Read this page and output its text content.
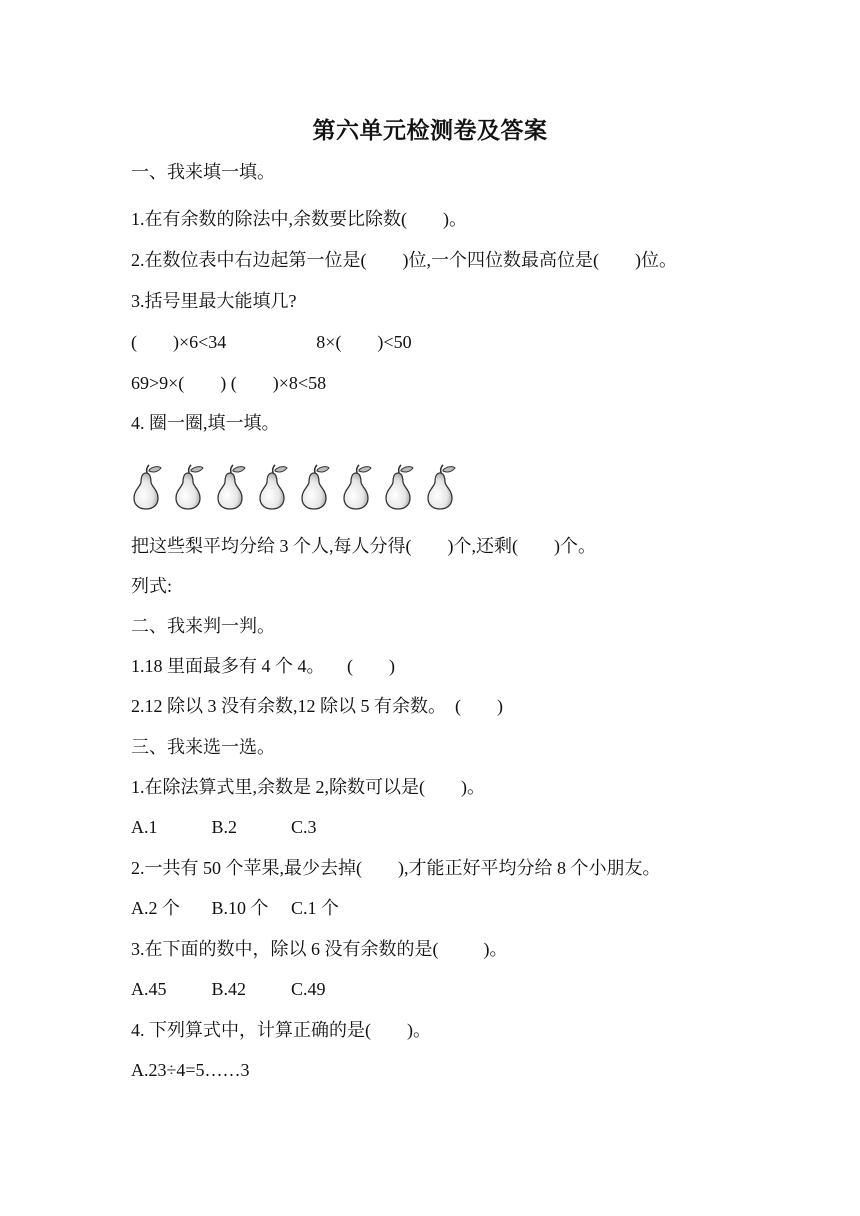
第六单元检测卷及答案
一、我来填一填。
1.在有余数的除法中,余数要比除数(        )。
2.在数位表中右边起第一位是(        )位,一个四位数最高位是(        )位。
3.括号里最大能填几?
(        )×6<34                    8×(        )<50
69>9×(        ) (        )×8<58
4. 圈一圈,填一填。
把这些梨平均分给 3 个人,每人分得(        )个,还剩(        )个。
列式:
二、我来判一判。
1.18 里面最多有 4 个 4。     (        )
2.12 除以 3 没有余数,12 除以 5 有余数。  (        )
三、我来选一选。
1.在除法算式里,余数是 2,除数可以是(        )。
A.1            B.2            C.3
2.一共有 50 个苹果,最少去掉(        ),才能正好平均分给 8 个小朋友。
A.2 个       B.10 个     C.1 个
3.在下面的数中，除以 6 没有余数的是(          )。
A.45          B.42          C.49
4. 下列算式中，计算正确的是(        )。
A.23÷4=5……3
